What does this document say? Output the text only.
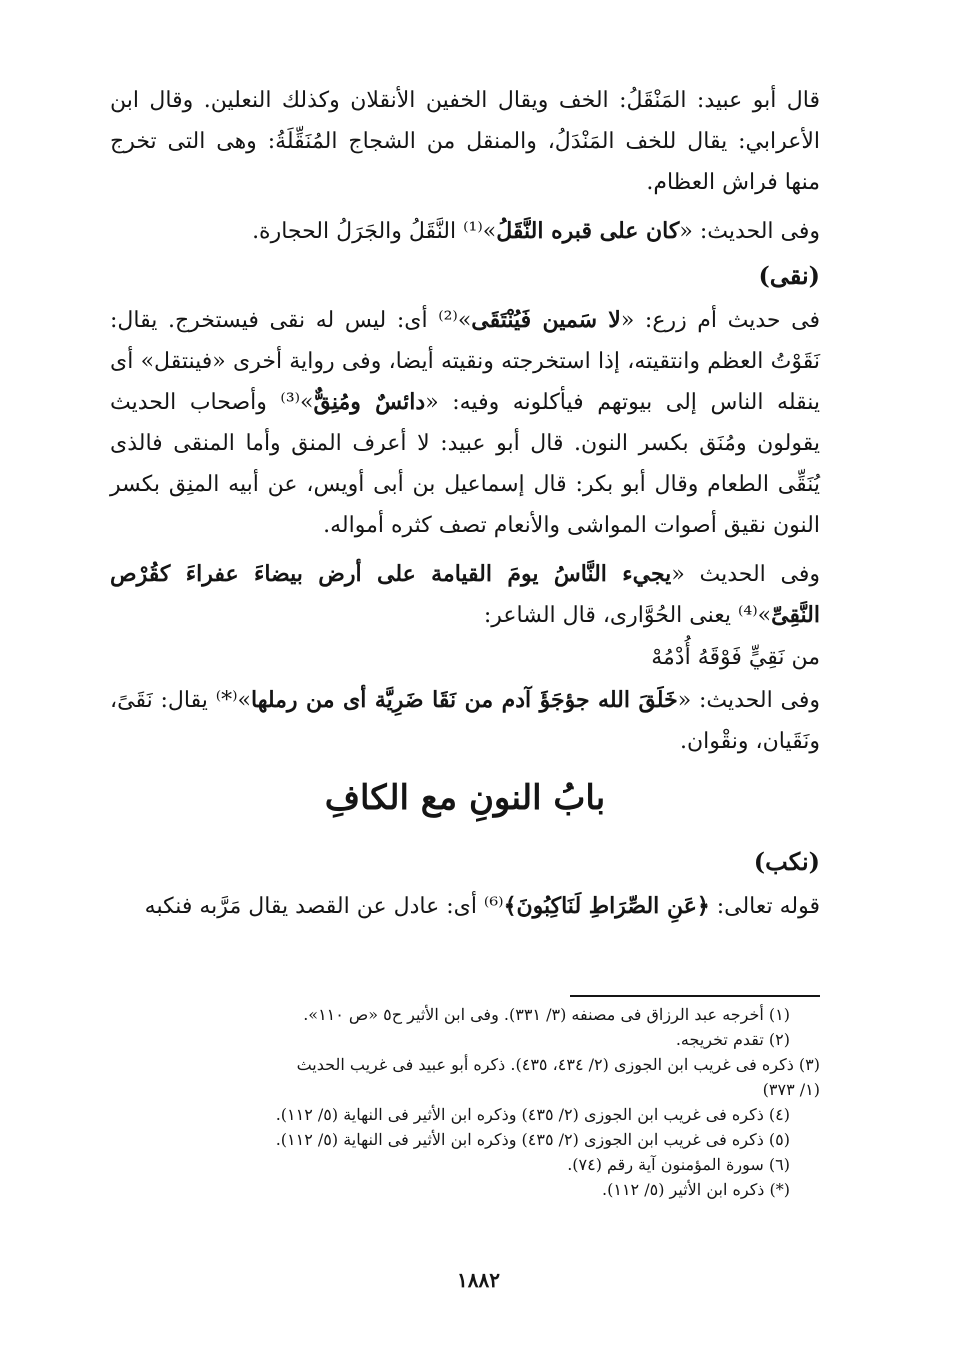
قال أبو عبيد: المَنْقَلُ: الخف ويقال الخفين الأنقلان وكذلك النعلين. وقال ابن الأعرابي: يقال للخف المَنْدَلُ، والمنقل من الشجاج المُنَقِّلَةُ: وهى التى تخرج منها فراش العظام.

وفى الحديث: «كان على قبره النَّقَلُ»⁽¹⁾ النَّقَلُ والجَرَلُ الحجارة.

(نقى)

فى حديث أم زرع: «لا سَمين فَيُنْتَقَى»⁽²⁾ أى: ليس له نقى فيستخرج. يقال: نَقَوْتُ العظم وانتقيته، إذا استخرجته ونقيته أيضا، وفى رواية أخرى «فينتقل» أى ينقله الناس إلى بيوتهم فيأكلونه وفيه: «دائسٌ ومُنِقٌّ»⁽³⁾ وأصحاب الحديث يقولون ومُنَق بكسر النون. قال أبو عبيد: لا أعرف المنق وأما المنقى فالذى يُنَقِّى الطعام وقال أبو بكر: قال إسماعيل بن أبى أويس، عن أبيه المنِق بكسر النون نقيق أصوات المواشى والأنعام تصف كثره أمواله.

وفى الحديث «يجيء النَّاسُ يومَ القيامة على أرض بيضاءَ عفراءَ كقُرْص النَّقِىِّ»⁽⁴⁾ يعنى الحُوَّارى، قال الشاعر:

من نَقِيٍّ فَوْقَهُ أُدْمُهْ

وفى الحديث: «خَلَقَ الله جؤجَؤَ آدم من نَقَا ضَرِيَّة أى من رملها»⁽*⁾ يقال: نَقَىً، ونَقَيان، ونقْوان.

بابُ النونِ مع الكافِ

(نكب)

قوله تعالى: ﴿عَنِ الصِّرَاطِ لَنَاكِبُونَ﴾⁽⁶⁾ أى: عادل عن القصد يقال مَرَّبه فنكبه

(١) أخرجه عبد الرزاق فى مصنفه (٣/ ٣٣١). وفى ابن الأثير ح٥ «ص ١١٠».

(٢) تقدم تخريجه.

(٣) ذكره فى غريب ابن الجوزى (٢/ ٤٣٤، ٤٣٥). ذكره أبو عبيد فى غريب الحديث

(١/ ٣٧٣)

(٤) ذكره فى غريب ابن الجوزى (٢/ ٤٣٥) وذكره ابن الأثير فى النهاية (٥/ ١١٢).

(٥) ذكره فى غريب ابن الجوزى (٢/ ٤٣٥) وذكره ابن الأثير فى النهاية (٥/ ١١٢).

(٦) سورة المؤمنون آية رقم (٧٤).

(*) ذكره ابن الأثير (٥/ ١١٢).

١٨٨٢
